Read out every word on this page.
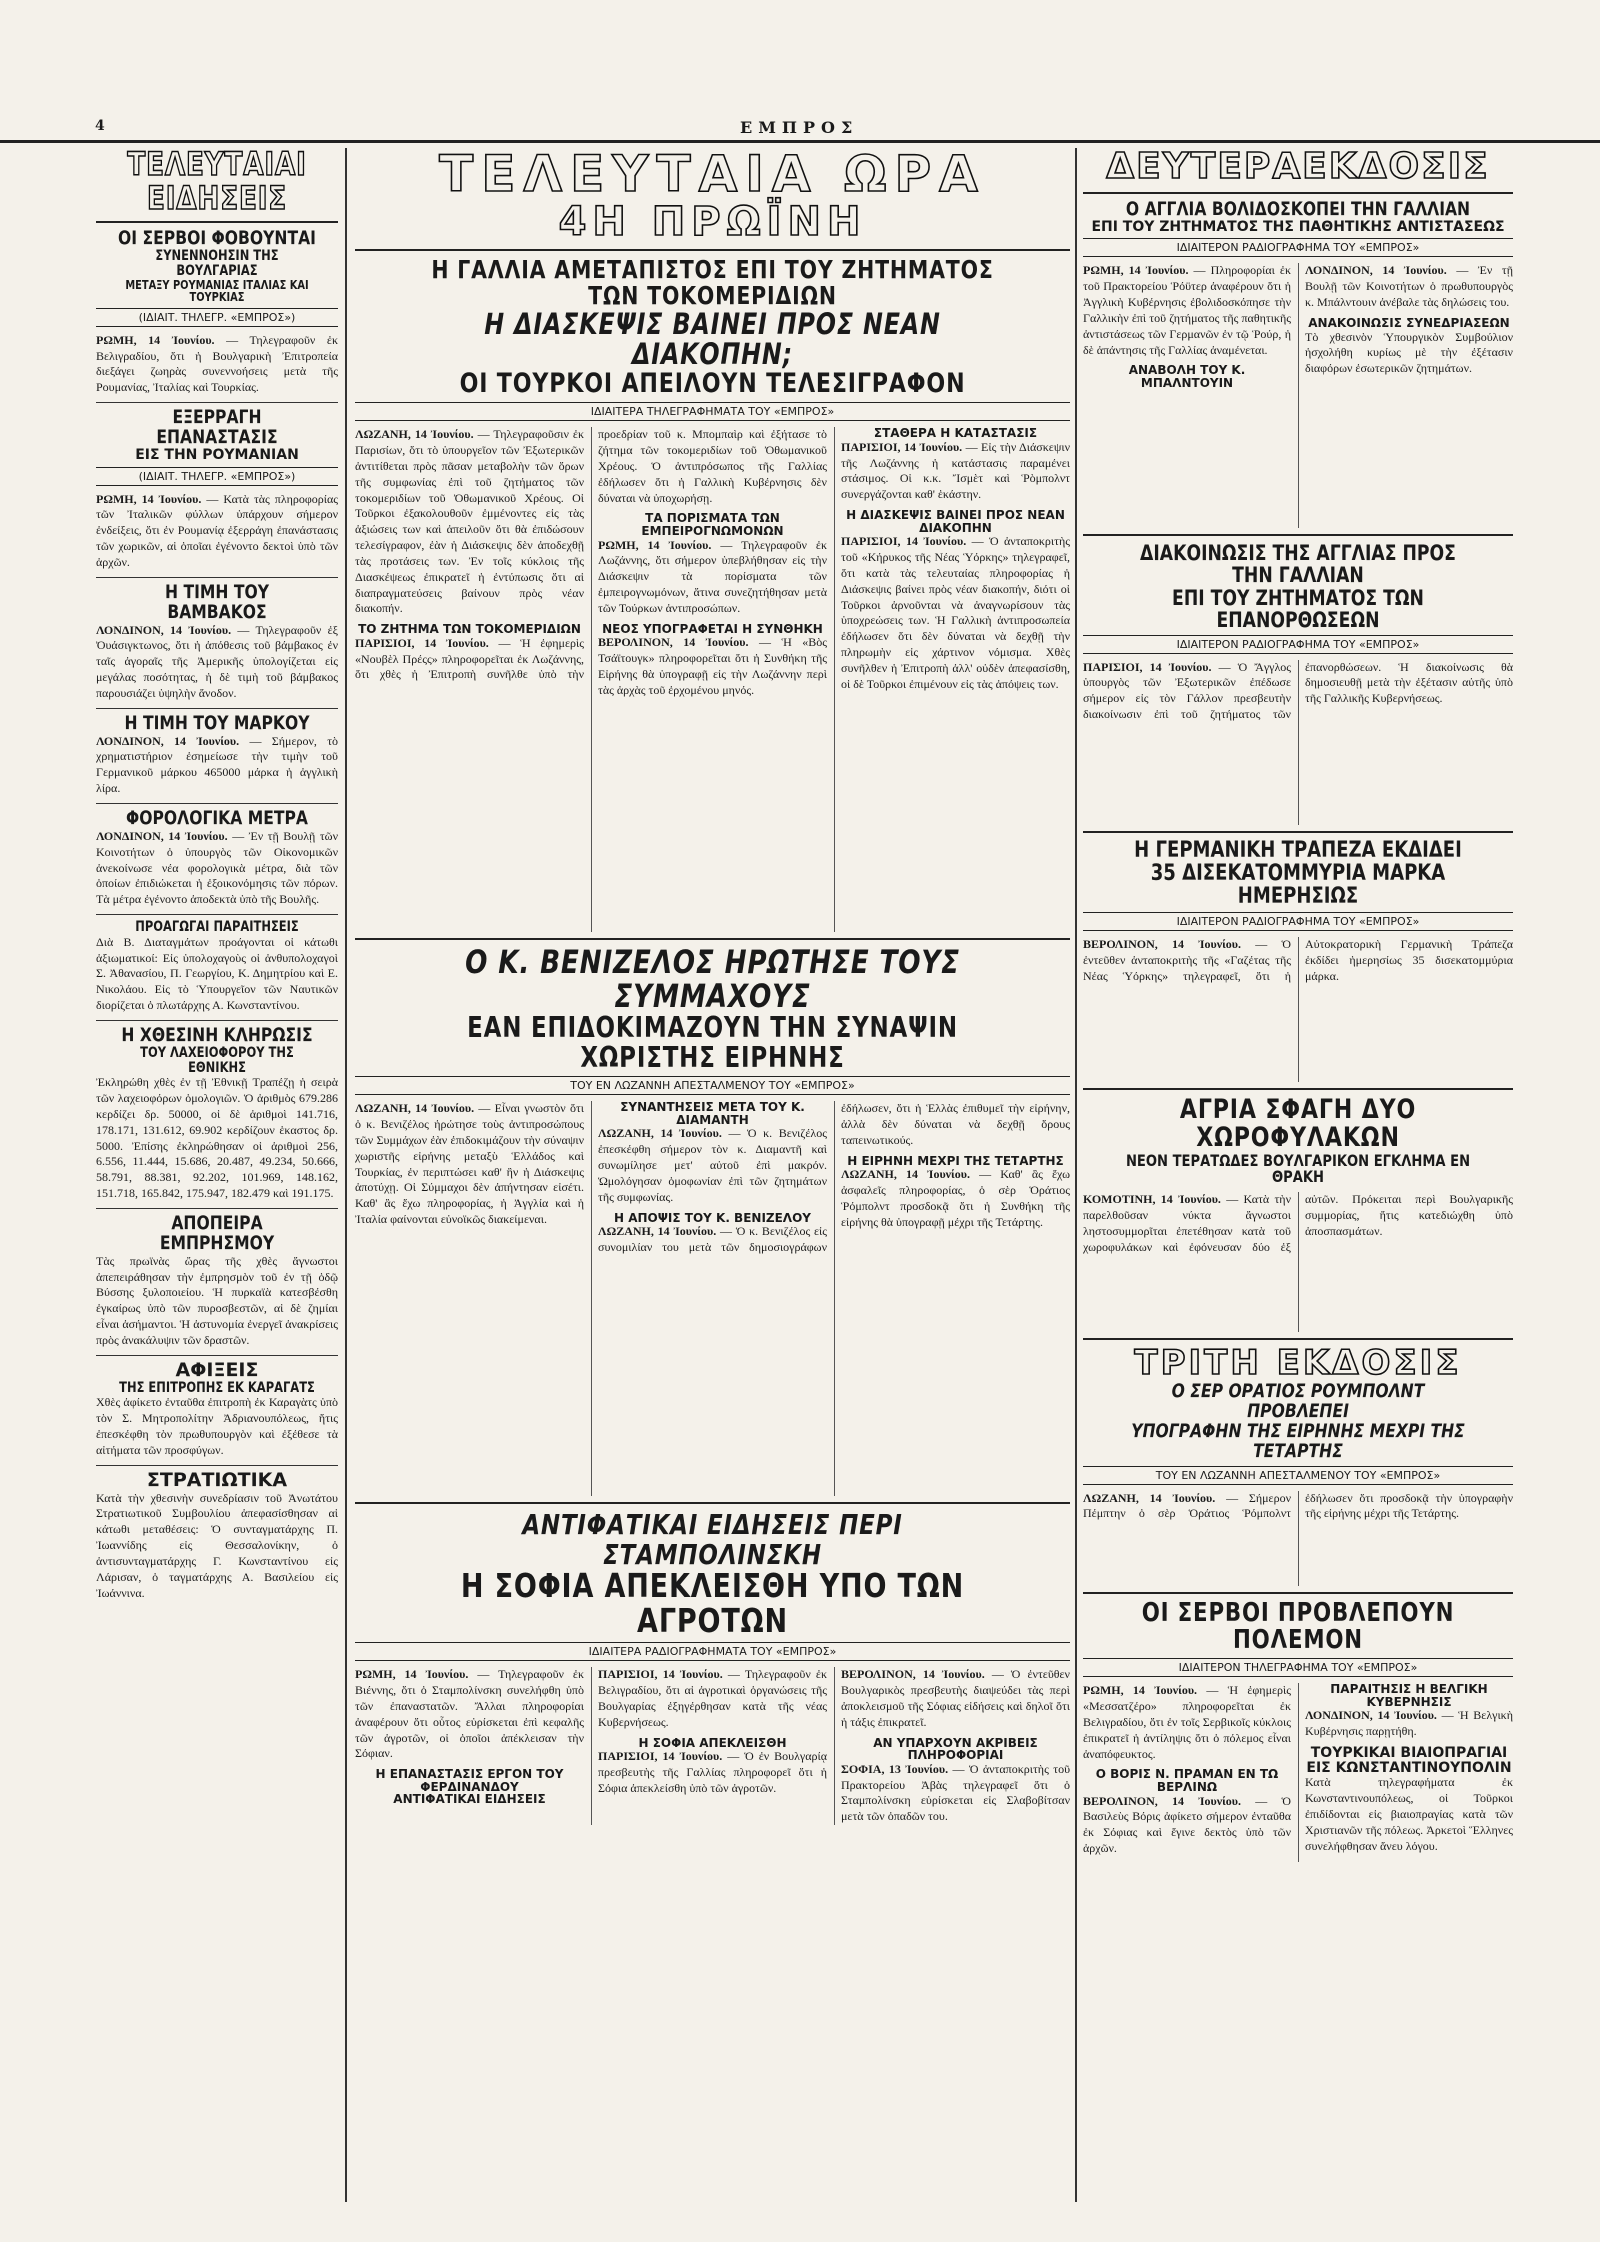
4	ΕΜΠΡΟΣ
ΤΕΛΕΥΤΑΙΑΙ ΕΙΔΗΣΕΙΣ
ΟΙ ΣΕΡΒΟΙ ΦΟΒΟΥΝΤΑΙ
ΣΥΝΕΝΝΟΗΣΙΝ ΤΗΣ ΒΟΥΛΓΑΡΙΑΣ
ΜΕΤΑΞΥ ΡΟΥΜΑΝΙΑΣ ΙΤΑΛΙΑΣ ΚΑΙ ΤΟΥΡΚΙΑΣ
(ΙΔΙΑΙΤ. ΤΗΛΕΓΡ. «ΕΜΠΡΟΣ»)

ΡΩΜΗ, 14 Ἰουνίου. — Τηλεγραφοῦν ἐκ Βελιγραδίου, ὅτι ἡ Βουλγαρικὴ Ἐπιτροπεία διεξάγει ζωηρὰς συνεννοήσεις μετὰ τῆς Ρουμανίας, Ἰταλίας καὶ Τουρκίας.

ΕΞΕΡΡΑΓΗ ΕΠΑΝΑΣΤΑΣΙΣ
ΕΙΣ ΤΗΝ ΡΟΥΜΑΝΙΑΝ
(ΙΔΙΑΙΤ. ΤΗΛΕΓΡ. «ΕΜΠΡΟΣ»)

ΡΩΜΗ, 14 Ἰουνίου. — Κατὰ τὰς πληροφορίας τῶν Ἰταλικῶν φύλλων ὑπάρχουν σήμερον ἐνδείξεις, ὅτι ἐν Ρουμανίᾳ ἐξερράγη ἐπανάστασις τῶν χωρικῶν, αἱ ὁποῖαι ἐγένοντο δεκτοὶ ὑπὸ τῶν ἀρχῶν.

Η ΤΙΜΗ ΤΟΥ ΒΑΜΒΑΚΟΣ

ΛΟΝΔΙΝΟΝ, 14 Ἰουνίου. — Τηλεγραφοῦν ἐξ Ὀυάσιγκτωνος, ὅτι ἡ ἀπόθεσις τοῦ βάμβακος ἐν ταῖς ἀγοραῖς τῆς Ἀμερικῆς ὑπολογίζεται εἰς μεγάλας ποσότητας, ἡ δὲ τιμὴ τοῦ βάμβακος παρουσιάζει ὑψηλὴν ἄνοδον.

Η ΤΙΜΗ ΤΟΥ ΜΑΡΚΟΥ

ΛΟΝΔΙΝΟΝ, 14 Ἰουνίου. — Σήμερον, τὸ χρηματιστήριον ἐσημείωσε τὴν τιμὴν τοῦ Γερμανικοῦ μάρκου 465000 μάρκα ἡ ἀγγλικὴ λίρα.

ΦΟΡΟΛΟΓΙΚΑ ΜΕΤΡΑ

ΛΟΝΔΙΝΟΝ, 14 Ἰουνίου. — Ἐν τῇ Βουλῇ τῶν Κοινοτήτων ὁ ὑπουργὸς τῶν Οἰκονομικῶν ἀνεκοίνωσε νέα φορολογικὰ μέτρα, διὰ τῶν ὁποίων ἐπιδιώκεται ἡ ἐξοικονόμησις τῶν πόρων. Τὰ μέτρα ἐγένοντο ἀποδεκτὰ ὑπὸ τῆς Βουλῆς.

ΠΡΟΑΓΩΓΑΙ ΠΑΡΑΙΤΗΣΕΙΣ

Διὰ Β. Διαταγμάτων προάγονται οἱ κάτωθι ἀξιωματικοί: Εἰς ὑπολοχαγοὺς οἱ ἀνθυπολοχαγοὶ Σ. Ἀθανασίου, Π. Γεωργίου, Κ. Δημητρίου καὶ Ε. Νικολάου. Εἰς τὸ Ὑπουργεῖον τῶν Ναυτικῶν διορίζεται ὁ πλωτάρχης Α. Κωνσταντίνου.

Η ΧΘΕΣΙΝΗ ΚΛΗΡΩΣΙΣ
ΤΟΥ ΛΑΧΕΙΟΦΟΡΟΥ ΤΗΣ ΕΘΝΙΚΗΣ

Ἐκληρώθη χθὲς ἐν τῇ Ἐθνικῇ Τραπέζῃ ἡ σειρὰ τῶν λαχειοφόρων ὁμολογιῶν. Ὁ ἀριθμὸς 679.286 κερδίζει δρ. 50000, οἱ δὲ ἀριθμοὶ 141.716, 178.171, 131.612, 69.902 κερδίζουν ἑκαστος δρ. 5000. Ἐπίσης ἐκληρώθησαν οἱ ἀριθμοὶ 256, 6.556, 11.444, 15.686, 20.487, 49.234, 50.666, 58.791, 88.381, 92.202, 101.969, 148.162, 151.718, 165.842, 175.947, 182.479 καὶ 191.175.

ΑΠΟΠΕΙΡΑ ΕΜΠΡΗΣΜΟΥ

Τὰς πρωϊνὰς ὥρας τῆς χθὲς ἄγνωστοι ἀπεπειράθησαν τὴν ἐμπρησμὸν τοῦ ἐν τῇ ὁδῷ Βύσσης ξυλοποιείου. Ἡ πυρκαϊὰ κατεσβέσθη ἐγκαίρως ὑπὸ τῶν πυροσβεστῶν, αἱ δὲ ζημίαι εἶναι ἀσήμαντοι. Ἡ ἀστυνομία ἐνεργεῖ ἀνακρίσεις πρὸς ἀνακάλυψιν τῶν δραστῶν.

ΑΦΙΞΕΙΣ
ΤΗΣ ΕΠΙΤΡΟΠΗΣ ΕΚ ΚΑΡΑΓΑΤΣ

Χθὲς ἀφίκετο ἐνταῦθα ἐπιτροπὴ ἐκ Καραγὰτς ὑπὸ τὸν Σ. Μητροπολίτην Ἀδριανουπόλεως, ἥτις ἐπεσκέφθη τὸν πρωθυπουργὸν καὶ ἐξέθεσε τὰ αἰτήματα τῶν προσφύγων.

ΣΤΡΑΤΙΩΤΙΚΑ

Κατὰ τὴν χθεσινὴν συνεδρίασιν τοῦ Ἀνωτάτου Στρατιωτικοῦ Συμβουλίου ἀπεφασίσθησαν αἱ κάτωθι μεταθέσεις: Ὁ συνταγματάρχης Π. Ἰωαννίδης εἰς Θεσσαλονίκην, ὁ ἀντισυνταγματάρχης Γ. Κωνσταντίνου εἰς Λάρισαν, ὁ ταγματάρχης Α. Βασιλείου εἰς Ἰωάννινα.

ΤΕΛΕΥΤΑΙΑ ΩΡΑ
4Η ΠΡΩΪΝΗ
Η ΓΑΛΛΙΑ ΑΜΕΤΑΠΙΣΤΟΣ ΕΠΙ ΤΟΥ ΖΗΤΗΜΑΤΟΣ ΤΩΝ ΤΟΚΟΜΕΡΙΔΙΩΝ
Η ΔΙΑΣΚΕΨΙΣ ΒΑΙΝΕΙ ΠΡΟΣ ΝΕΑΝ ΔΙΑΚΟΠΗΝ;
ΟΙ ΤΟΥΡΚΟΙ ΑΠΕΙΛΟΥΝ ΤΕΛΕΣΙΓΡΑΦΟΝ
ΙΔΙΑΙΤΕΡΑ ΤΗΛΕΓΡΑΦΗΜΑΤΑ ΤΟΥ «ΕΜΠΡΟΣ»

ΛΩΖΑΝΗ, 14 Ἰουνίου. — Τηλεγραφοῦσιν ἐκ Παρισίων, ὅτι τὸ ὑπουργεῖον τῶν Ἐξωτερικῶν ἀντιτίθεται πρὸς πᾶσαν μεταβολὴν τῶν ὅρων τῆς συμφωνίας ἐπὶ τοῦ ζητήματος τῶν τοκομεριδίων τοῦ Ὀθωμανικοῦ Χρέους. Οἱ Τοῦρκοι ἐξακολουθοῦν ἐμμένοντες εἰς τὰς ἀξιώσεις των καὶ ἀπειλοῦν ὅτι θὰ ἐπιδώσουν τελεσίγραφον, ἐὰν ἡ Διάσκεψις δὲν ἀποδεχθῇ τὰς προτάσεις των. Ἐν τοῖς κύκλοις τῆς Διασκέψεως ἐπικρατεῖ ἡ ἐντύπωσις ὅτι αἱ διαπραγματεύσεις βαίνουν πρὸς νέαν διακοπήν.

ΤΟ ΖΗΤΗΜΑ ΤΩΝ ΤΟΚΟΜΕΡΙΔΙΩΝ

ΠΑΡΙΣΙΟΙ, 14 Ἰουνίου. — Ἡ ἐφημερὶς «Νουβὲλ Πρέςς» πληροφορεῖται ἐκ Λωζάννης, ὅτι χθὲς ἡ Ἐπιτροπὴ συνῆλθε ὑπὸ τὴν προεδρίαν τοῦ κ. Μπομπαὶρ καὶ ἐξήτασε τὸ ζήτημα τῶν τοκομεριδίων τοῦ Ὀθωμανικοῦ Χρέους. Ὁ ἀντιπρόσωπος τῆς Γαλλίας ἐδήλωσεν ὅτι ἡ Γαλλικὴ Κυβέρνησις δὲν δύναται νὰ ὑποχωρήσῃ.

ΤΑ ΠΟΡΙΣΜΑΤΑ ΤΩΝ ΕΜΠΕΙΡΟΓΝΩΜΟΝΩΝ

ΡΩΜΗ, 14 Ἰουνίου. — Τηλεγραφοῦν ἐκ Λωζάννης, ὅτι σήμερον ὑπεβλήθησαν εἰς τὴν Διάσκεψιν τὰ πορίσματα τῶν ἐμπειρογνωμόνων, ἅτινα συνεζητήθησαν μετὰ τῶν Τούρκων ἀντιπροσώπων.

ΝΕΟΣ ΥΠΟΓΡΑΦΕΤΑΙ Η ΣΥΝΘΗΚΗ

ΒΕΡΟΛΙΝΟΝ, 14 Ἰουνίου. — Ἡ «Βὸς Τσάϊτουγκ» πληροφορεῖται ὅτι ἡ Συνθήκη τῆς Εἰρήνης θὰ ὑπογραφῇ εἰς τὴν Λωζάννην περὶ τὰς ἀρχὰς τοῦ ἐρχομένου μηνός.

ΣΤΑΘΕΡΑ Η ΚΑΤΑΣΤΑΣΙΣ

ΠΑΡΙΣΙΟΙ, 14 Ἰουνίου. — Εἰς τὴν Διάσκεψιν τῆς Λωζάννης ἡ κατάστασις παραμένει στάσιμος. Οἱ κ.κ. Ἴσμὲτ καὶ Ῥὸμπολντ συνεργάζονται καθ' ἑκάστην.

Η ΔΙΑΣΚΕΨΙΣ ΒΑΙΝΕΙ ΠΡΟΣ ΝΕΑΝ ΔΙΑΚΟΠΗΝ

ΠΑΡΙΣΙΟΙ, 14 Ἰουνίου. — Ὁ ἀνταποκριτὴς τοῦ «Κήρυκος τῆς Νέας Ὑόρκης» τηλεγραφεῖ, ὅτι κατὰ τὰς τελευταίας πληροφορίας ἡ Διάσκεψις βαίνει πρὸς νέαν διακοπήν, διότι οἱ Τοῦρκοι ἀρνοῦνται νὰ ἀναγνωρίσουν τὰς ὑποχρεώσεις των. Ἡ Γαλλικὴ ἀντιπροσωπεία ἐδήλωσεν ὅτι δὲν δύναται νὰ δεχθῇ τὴν πληρωμὴν εἰς χάρτινον νόμισμα. Χθὲς συνῆλθεν ἡ Ἐπιτροπὴ ἀλλ' οὐδὲν ἀπεφασίσθη, οἱ δὲ Τοῦρκοι ἐπιμένουν εἰς τὰς ἀπόψεις των.

Ο Κ. ΒΕΝΙΖΕΛΟΣ ΗΡΩΤΗΣΕ ΤΟΥΣ ΣΥΜΜΑΧΟΥΣ
ΕΑΝ ΕΠΙΔΟΚΙΜΑΖΟΥΝ ΤΗΝ ΣΥΝΑΨΙΝ ΧΩΡΙΣΤΗΣ ΕΙΡΗΝΗΣ
ΤΟΥ ΕΝ ΛΩΖΑΝΝΗ ΑΠΕΣΤΑΛΜΕΝΟΥ ΤΟΥ «ΕΜΠΡΟΣ»

ΛΩΖΑΝΗ, 14 Ἰουνίου. — Εἶναι γνωστὸν ὅτι ὁ κ. Βενιζέλος ἠρώτησε τοὺς ἀντιπροσώπους τῶν Συμμάχων ἐὰν ἐπιδοκιμάζουν τὴν σύναψιν χωριστῆς εἰρήνης μεταξὺ Ἑλλάδος καὶ Τουρκίας, ἐν περιπτώσει καθ' ἣν ἡ Διάσκεψις ἀποτύχῃ. Οἱ Σύμμαχοι δὲν ἀπήντησαν εἰσέτι. Καθ' ἃς ἔχω πληροφορίας, ἡ Ἀγγλία καὶ ἡ Ἰταλία φαίνονται εὐνοϊκῶς διακείμεναι.

ΣΥΝΑΝΤΗΣΕΙΣ ΜΕΤΑ ΤΟΥ Κ. ΔΙΑΜΑΝΤΗ

ΛΩΖΑΝΗ, 14 Ἰουνίου. — Ὁ κ. Βενιζέλος ἐπεσκέφθη σήμερον τὸν κ. Διαμαντῆ καὶ συνωμίλησε μετ' αὐτοῦ ἐπὶ μακρόν. Ὡμολόγησαν ὁμοφωνίαν ἐπὶ τῶν ζητημάτων τῆς συμφωνίας.

Η ΑΠΟΨΙΣ ΤΟΥ Κ. ΒΕΝΙΖΕΛΟΥ

ΛΩΖΑΝΗ, 14 Ἰουνίου. — Ὁ κ. Βενιζέλος εἰς συνομιλίαν του μετὰ τῶν δημοσιογράφων ἐδήλωσεν, ὅτι ἡ Ἑλλὰς ἐπιθυμεῖ τὴν εἰρήνην, ἀλλὰ δὲν δύναται νὰ δεχθῇ ὅρους ταπεινωτικούς.

Η ΕΙΡΗΝΗ ΜΕΧΡΙ ΤΗΣ ΤΕΤΑΡΤΗΣ

ΛΩΖΑΝΗ, 14 Ἰουνίου. — Καθ' ἃς ἔχω ἀσφαλεῖς πληροφορίας, ὁ σὲρ Ὁράτιος Ῥόμπολντ προσδοκᾷ ὅτι ἡ Συνθήκη τῆς εἰρήνης θὰ ὑπογραφῇ μέχρι τῆς Τετάρτης.

ΑΝΤΙΦΑΤΙΚΑΙ ΕΙΔΗΣΕΙΣ ΠΕΡΙ ΣΤΑΜΠΟΛΙΝΣΚΗ
Η ΣΟΦΙΑ ΑΠΕΚΛΕΙΣΘΗ ΥΠΟ ΤΩΝ ΑΓΡΟΤΩΝ
ΙΔΙΑΙΤΕΡΑ ΡΑΔΙΟΓΡΑΦΗΜΑΤΑ ΤΟΥ «ΕΜΠΡΟΣ»

ΡΩΜΗ, 14 Ἰουνίου. — Τηλεγραφοῦν ἐκ Βιέννης, ὅτι ὁ Σταμπολίνσκη συνελήφθη ὑπὸ τῶν ἐπαναστατῶν. Ἄλλαι πληροφορίαι ἀναφέρουν ὅτι οὗτος εὑρίσκεται ἐπὶ κεφαλῆς τῶν ἀγροτῶν, οἱ ὁποῖοι ἀπέκλεισαν τὴν Σόφιαν.

Η ΕΠΑΝΑΣΤΑΣΙΣ ΕΡΓΟΝ ΤΟΥ ΦΕΡΔΙΝΑΝΔΟΥ
ΑΝΤΙΦΑΤΙΚΑΙ ΕΙΔΗΣΕΙΣ

ΠΑΡΙΣΙΟΙ, 14 Ἰουνίου. — Τηλεγραφοῦν ἐκ Βελιγραδίου, ὅτι αἱ ἀγροτικαὶ ὀργανώσεις τῆς Βουλγαρίας ἐξηγέρθησαν κατὰ τῆς νέας Κυβερνήσεως.

Η ΣΟΦΙΑ ΑΠΕΚΛΕΙΣΘΗ

ΠΑΡΙΣΙΟΙ, 14 Ἰουνίου. — Ὁ ἐν Βουλγαρίᾳ πρεσβευτὴς τῆς Γαλλίας πληροφορεῖ ὅτι ἡ Σόφια ἀπεκλείσθη ὑπὸ τῶν ἀγροτῶν.

ΒΕΡΟΛΙΝΟΝ, 14 Ἰουνίου. — Ὁ ἐντεῦθεν Βουλγαρικὸς πρεσβευτὴς διαψεύδει τὰς περὶ ἀποκλεισμοῦ τῆς Σόφιας εἰδήσεις καὶ δηλοῖ ὅτι ἡ τάξις ἐπικρατεῖ.

ΑΝ ΥΠΑΡΧΟΥΝ ΑΚΡΙΒΕΙΣ ΠΛΗΡΟΦΟΡΙΑΙ

ΣΟΦΙΑ, 13 Ἰουνίου. — Ὁ ἀνταποκριτὴς τοῦ Πρακτορείου Ἀβὰς τηλεγραφεῖ ὅτι ὁ Σταμπολίνσκη εὑρίσκεται εἰς Σλαβοβίτσαν μετὰ τῶν ὀπαδῶν του.

ΔΕΥΤΕΡΑΕΚΔΟΣΙΣ
Ο ΑΓΓΛΙΑ ΒΟΛΙΔΟΣΚΟΠΕΙ ΤΗΝ ΓΑΛΛΙΑΝ
ΕΠΙ ΤΟΥ ΖΗΤΗΜΑΤΟΣ ΤΗΣ ΠΑΘΗΤΙΚΗΣ ΑΝΤΙΣΤΑΣΕΩΣ
ΙΔΙΑΙΤΕΡΟΝ ΡΑΔΙΟΓΡΑΦΗΜΑ ΤΟΥ «ΕΜΠΡΟΣ»

ΡΩΜΗ, 14 Ἰουνίου. — Πληροφορίαι ἐκ τοῦ Πρακτορείου Ῥόϋτερ ἀναφέρουν ὅτι ἡ Ἀγγλικὴ Κυβέρνησις ἐβολιδοσκόπησε τὴν Γαλλικὴν ἐπὶ τοῦ ζητήματος τῆς παθητικῆς ἀντιστάσεως τῶν Γερμανῶν ἐν τῷ Ῥούρ, ἡ δὲ ἀπάντησις τῆς Γαλλίας ἀναμένεται.

ΑΝΑΒΟΛΗ ΤΟΥ Κ. ΜΠΑΛΝΤΟΥΙΝ

ΛΟΝΔΙΝΟΝ, 14 Ἰουνίου. — Ἐν τῇ Βουλῇ τῶν Κοινοτήτων ὁ πρωθυπουργὸς κ. Μπάλντουιν ἀνέβαλε τὰς δηλώσεις του.

ΑΝΑΚΟΙΝΩΣΙΣ ΣΥΝΕΔΡΙΑΣΕΩΝ

Τὸ χθεσινὸν Ὑπουργικὸν Συμβούλιον ἠσχολήθη κυρίως μὲ τὴν ἐξέτασιν διαφόρων ἐσωτερικῶν ζητημάτων.

ΔΙΑΚΟΙΝΩΣΙΣ ΤΗΣ ΑΓΓΛΙΑΣ ΠΡΟΣ ΤΗΝ ΓΑΛΛΙΑΝ
ΕΠΙ ΤΟΥ ΖΗΤΗΜΑΤΟΣ ΤΩΝ ΕΠΑΝΟΡΘΩΣΕΩΝ
ΙΔΙΑΙΤΕΡΟΝ ΡΑΔΙΟΓΡΑΦΗΜΑ ΤΟΥ «ΕΜΠΡΟΣ»

ΠΑΡΙΣΙΟΙ, 14 Ἰουνίου. — Ὁ Ἄγγλος ὑπουργὸς τῶν Ἐξωτερικῶν ἐπέδωσε σήμερον εἰς τὸν Γάλλον πρεσβευτὴν διακοίνωσιν ἐπὶ τοῦ ζητήματος τῶν ἐπανορθώσεων. Ἡ διακοίνωσις θὰ δημοσιευθῇ μετὰ τὴν ἐξέτασιν αὐτῆς ὑπὸ τῆς Γαλλικῆς Κυβερνήσεως.

Η ΓΕΡΜΑΝΙΚΗ ΤΡΑΠΕΖΑ ΕΚΔΙΔΕΙ
35 ΔΙΣΕΚΑΤΟΜΜΥΡΙΑ ΜΑΡΚΑ ΗΜΕΡΗΣΙΩΣ
ΙΔΙΑΙΤΕΡΟΝ ΡΑΔΙΟΓΡΑΦΗΜΑ ΤΟΥ «ΕΜΠΡΟΣ»

ΒΕΡΟΛΙΝΟΝ, 14 Ἰουνίου. — Ὁ ἐντεῦθεν ἀνταποκριτὴς τῆς «Γαζέτας τῆς Νέας Ὑόρκης» τηλεγραφεῖ, ὅτι ἡ Αὐτοκρατορικὴ Γερμανικὴ Τράπεζα ἐκδίδει ἡμερησίως 35 δισεκατομμύρια μάρκα.

ΑΓΡΙΑ ΣΦΑΓΗ ΔΥΟ ΧΩΡΟΦΥΛΑΚΩΝ
ΝΕΟΝ ΤΕΡΑΤΩΔΕΣ ΒΟΥΛΓΑΡΙΚΟΝ ΕΓΚΛΗΜΑ ΕΝ ΘΡΑΚΗ

ΚΟΜΟΤΙΝΗ, 14 Ἰουνίου. — Κατὰ τὴν παρελθοῦσαν νύκτα ἄγνωστοι ληστοσυμμορῖται ἐπετέθησαν κατὰ τοῦ χωροφυλάκων καὶ ἐφόνευσαν δύο ἐξ αὐτῶν. Πρόκειται περὶ Βουλγαρικῆς συμμορίας, ἥτις κατεδιώχθη ὑπὸ ἀποσπασμάτων.

ΤΡΙΤΗ ΕΚΔΟΣΙΣ
Ο ΣΕΡ ΟΡΑΤΙΟΣ ΡΟΥΜΠΟΛΝΤ ΠΡΟΒΛΕΠΕΙ
ΥΠΟΓΡΑΦΗΝ ΤΗΣ ΕΙΡΗΝΗΣ ΜΕΧΡΙ ΤΗΣ ΤΕΤΑΡΤΗΣ
ΤΟΥ ΕΝ ΛΩΖΑΝΝΗ ΑΠΕΣΤΑΛΜΕΝΟΥ ΤΟΥ «ΕΜΠΡΟΣ»

ΛΩΖΑΝΗ, 14 Ἰουνίου. — Σήμερον Πέμπτην ὁ σὲρ Ὁράτιος Ῥόμπολντ ἐδήλωσεν ὅτι προσδοκᾷ τὴν ὑπογραφὴν τῆς εἰρήνης μέχρι τῆς Τετάρτης.

ΟΙ ΣΕΡΒΟΙ ΠΡΟΒΛΕΠΟΥΝ ΠΟΛΕΜΟΝ
ΙΔΙΑΙΤΕΡΟΝ ΤΗΛΕΓΡΑΦΗΜΑ ΤΟΥ «ΕΜΠΡΟΣ»

ΡΩΜΗ, 14 Ἰουνίου. — Ἡ ἐφημερὶς «Μεσσατζέρο» πληροφορεῖται ἐκ Βελιγραδίου, ὅτι ἐν τοῖς Σερβικοῖς κύκλοις ἐπικρατεῖ ἡ ἀντίληψις ὅτι ὁ πόλεμος εἶναι ἀναπόφευκτος.

Ο ΒΟΡΙΣ Ν. ΠΡΑΜΑΝ ΕΝ ΤΩ ΒΕΡΛΙΝΩ

ΒΕΡΟΛΙΝΟΝ, 14 Ἰουνίου. — Ὁ Βασιλεὺς Βόρις ἀφίκετο σήμερον ἐνταῦθα ἐκ Σόφιας καὶ ἔγινε δεκτὸς ὑπὸ τῶν ἀρχῶν.

ΠΑΡΑΙΤΗΣΙΣ Η ΒΕΛΓΙΚΗ ΚΥΒΕΡΝΗΣΙΣ

ΛΟΝΔΙΝΟΝ, 14 Ἰουνίου. — Ἡ Βελγικὴ Κυβέρνησις παρῃτήθη.

ΤΟΥΡΚΙΚΑΙ ΒΙΑΙΟΠΡΑΓΙΑΙ
ΕΙΣ ΚΩΝΣΤΑΝΤΙΝΟΥΠΟΛΙΝ

Κατὰ τηλεγραφήματα ἐκ Κωνσταντινουπόλεως, οἱ Τοῦρκοι ἐπιδίδονται εἰς βιαιοπραγίας κατὰ τῶν Χριστιανῶν τῆς πόλεως. Ἀρκετοὶ Ἕλληνες συνελήφθησαν ἄνευ λόγου.
